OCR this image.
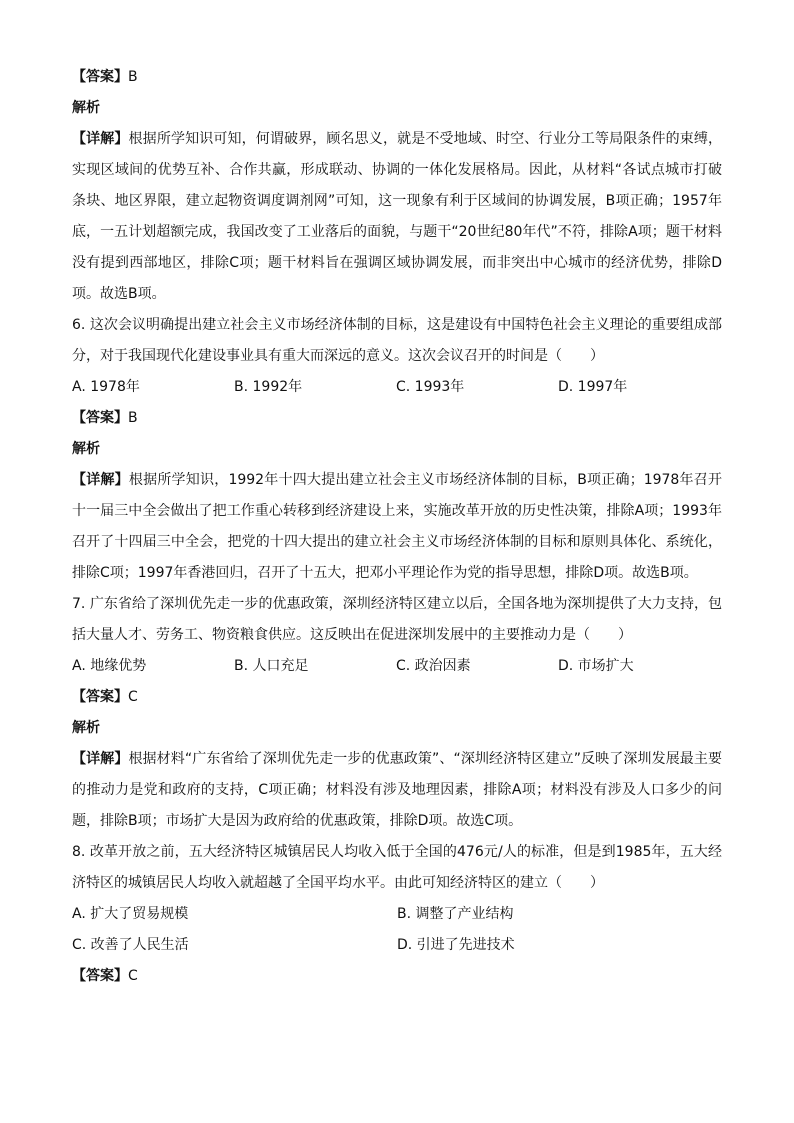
【答案】B
解析
【详解】根据所学知识可知，何谓破界，顾名思义，就是不受地域、时空、行业分工等局限条件的束缚，实现区域间的优势互补、合作共赢，形成联动、协调的一体化发展格局。因此，从材料“各试点城市打破条块、地区界限，建立起物资调度调剂网”可知，这一现象有利于区域间的协调发展，B项正确；1957年底，一五计划超额完成，我国改变了工业落后的面貌，与题干“20世纪80年代”不符，排除A项；题干材料没有提到西部地区，排除C项；题干材料旨在强调区域协调发展，而非突出中心城市的经济优势，排除D项。故选B项。
6. 这次会议明确提出建立社会主义市场经济体制的目标，这是建设有中国特色社会主义理论的重要组成部分，对于我国现代化建设事业具有重大而深远的意义。这次会议召开的时间是（　　）
A. 1978年	B. 1992年	C. 1993年	D. 1997年
【答案】B
解析
【详解】根据所学知识，1992年十四大提出建立社会主义市场经济体制的目标，B项正确；1978年召开十一届三中全会做出了把工作重心转移到经济建设上来，实施改革开放的历史性决策，排除A项；1993年召开了十四届三中全会，把党的十四大提出的建立社会主义市场经济体制的目标和原则具体化、系统化，排除C项；1997年香港回归，召开了十五大，把邓小平理论作为党的指导思想，排除D项。故选B项。
7. 广东省给了深圳优先走一步的优惠政策，深圳经济特区建立以后，全国各地为深圳提供了大力支持，包括大量人才、劳务工、物资粮食供应。这反映出在促进深圳发展中的主要推动力是（　　）
A. 地缘优势	B. 人口充足	C. 政治因素	D. 市场扩大
【答案】C
解析
【详解】根据材料“广东省给了深圳优先走一步的优惠政策”、“深圳经济特区建立”反映了深圳发展最主要的推动力是党和政府的支持，C项正确；材料没有涉及地理因素，排除A项；材料没有涉及人口多少的问题，排除B项；市场扩大是因为政府给的优惠政策，排除D项。故选C项。
8. 改革开放之前，五大经济特区城镇居民人均收入低于全国的476元/人的标准，但是到1985年，五大经济特区的城镇居民人均收入就超越了全国平均水平。由此可知经济特区的建立（　　）
A. 扩大了贸易规模	B. 调整了产业结构
C. 改善了人民生活	D. 引进了先进技术
【答案】C
